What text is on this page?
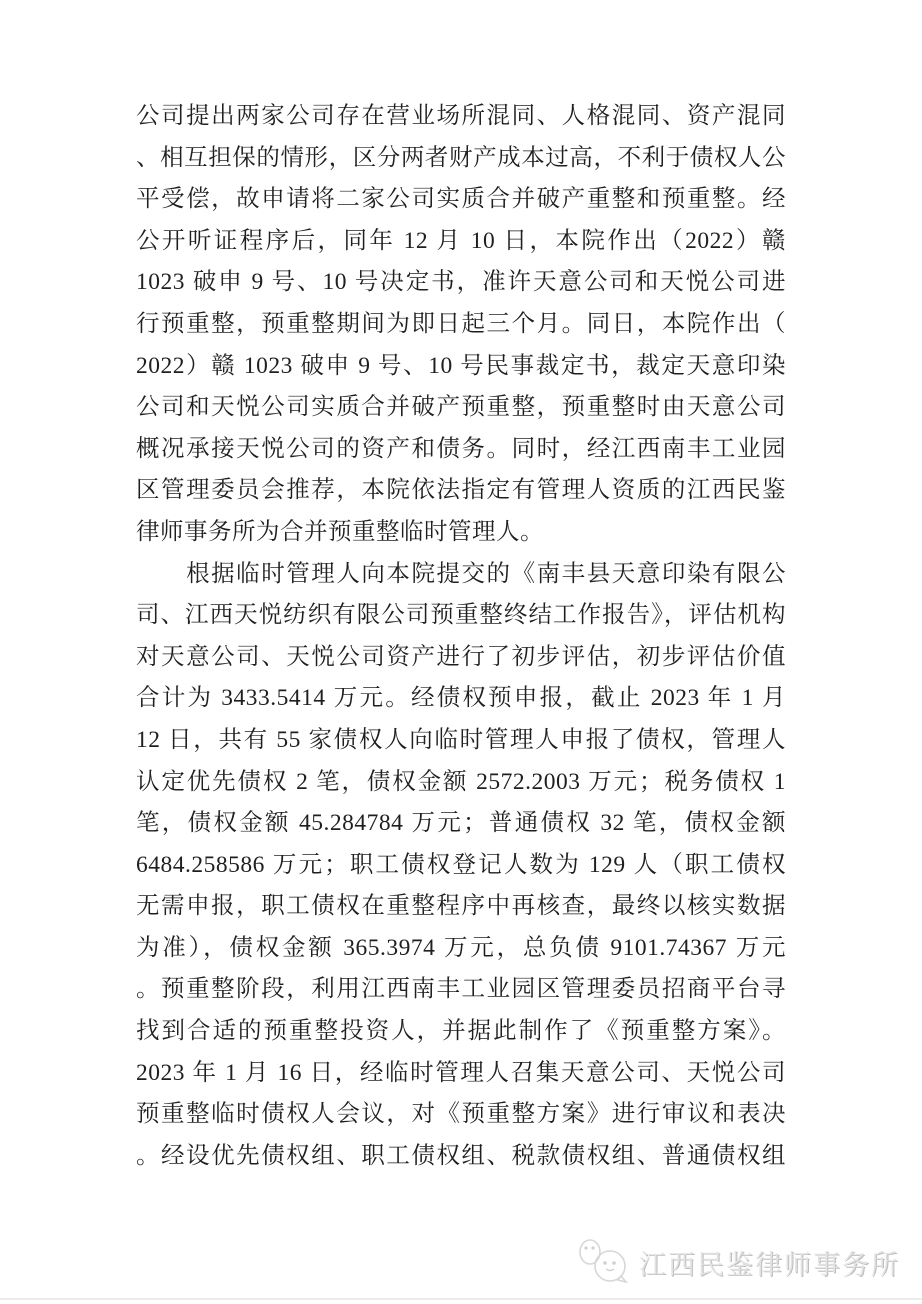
公司提出两家公司存在营业场所混同、人格混同、资产混同
、相互担保的情形，区分两者财产成本过高，不利于债权人公
平受偿，故申请将二家公司实质合并破产重整和预重整。经
公开听证程序后，同年 12 月 10 日，本院作出（2022）赣
1023 破申 9 号、10 号决定书，准许天意公司和天悦公司进
行预重整，预重整期间为即日起三个月。同日，本院作出（
2022）赣 1023 破申 9 号、10 号民事裁定书，裁定天意印染
公司和天悦公司实质合并破产预重整，预重整时由天意公司
概况承接天悦公司的资产和债务。同时，经江西南丰工业园
区管理委员会推荐，本院依法指定有管理人资质的江西民鉴
律师事务所为合并预重整临时管理人。
　　根据临时管理人向本院提交的《南丰县天意印染有限公
司、江西天悦纺织有限公司预重整终结工作报告》，评估机构
对天意公司、天悦公司资产进行了初步评估，初步评估价值
合计为 3433.5414 万元。经债权预申报，截止 2023 年 1 月
12 日，共有 55 家债权人向临时管理人申报了债权，管理人
认定优先债权 2 笔，债权金额 2572.2003 万元；税务债权 1
笔，债权金额 45.284784 万元；普通债权 32 笔，债权金额
6484.258586 万元；职工债权登记人数为 129 人（职工债权
无需申报，职工债权在重整程序中再核查，最终以核实数据
为准），债权金额 365.3974 万元，总负债 9101.74367 万元
。预重整阶段，利用江西南丰工业园区管理委员招商平台寻
找到合适的预重整投资人，并据此制作了《预重整方案》。
2023 年 1 月 16 日，经临时管理人召集天意公司、天悦公司
预重整临时债权人会议，对《预重整方案》进行审议和表决
。经设优先债权组、职工债权组、税款债权组、普通债权组
江西民鉴律师事务所
